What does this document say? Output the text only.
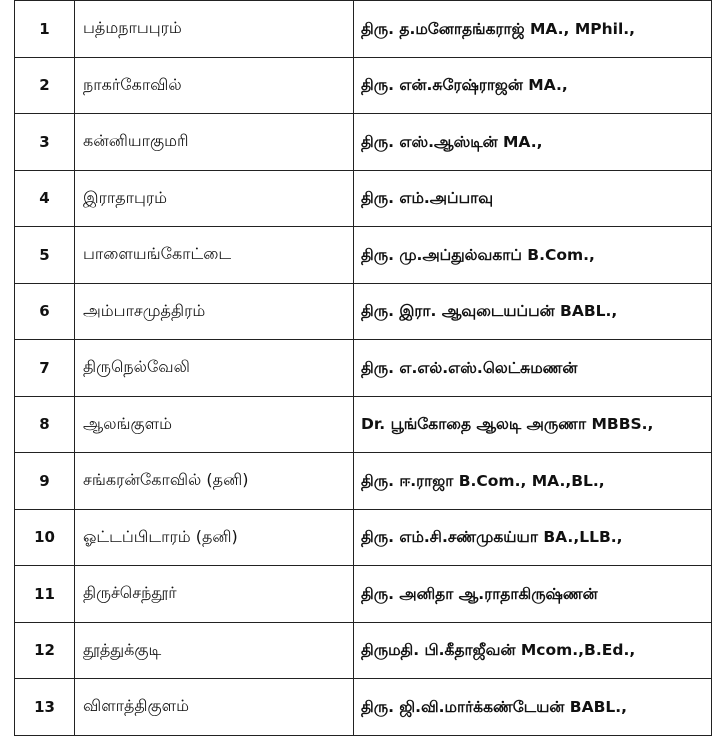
1	பத்மநாபபுரம்	திரு. த.மனோதங்கராஜ் MA., MPhil.,

2	நாகர்கோவில்	திரு. என்.சுரேஷ்ராஜன் MA.,

3	கன்னியாகுமரி	திரு. எஸ்.ஆஸ்டின் MA.,

4	இராதாபுரம்	திரு. எம்.அப்பாவு

5	பாளையங்கோட்டை	திரு. மு.அப்துல்வகாப் B.Com.,

6	அம்பாசமுத்திரம்	திரு. இரா. ஆவுடையப்பன் BABL.,

7	திருநெல்வேலி	திரு. எ.எல்.எஸ்.லெட்சுமணன்

8	ஆலங்குளம்	Dr. பூங்கோதை ஆலடி அருணா MBBS.,

9	சங்கரன்கோவில் (தனி)	திரு. ஈ.ராஜா B.Com., MA.,BL.,

10	ஓட்டப்பிடாரம் (தனி)	திரு. எம்.சி.சண்முகய்யா BA.,LLB.,

11	திருச்செந்தூர்	திரு. அனிதா ஆ.ராதாகிருஷ்ணன்

12	தூத்துக்குடி	திருமதி. பி.கீதாஜீவன் Mcom.,B.Ed.,

13	விளாத்திகுளம்	திரு. ஜி.வி.மார்க்கண்டேயன் BABL.,
